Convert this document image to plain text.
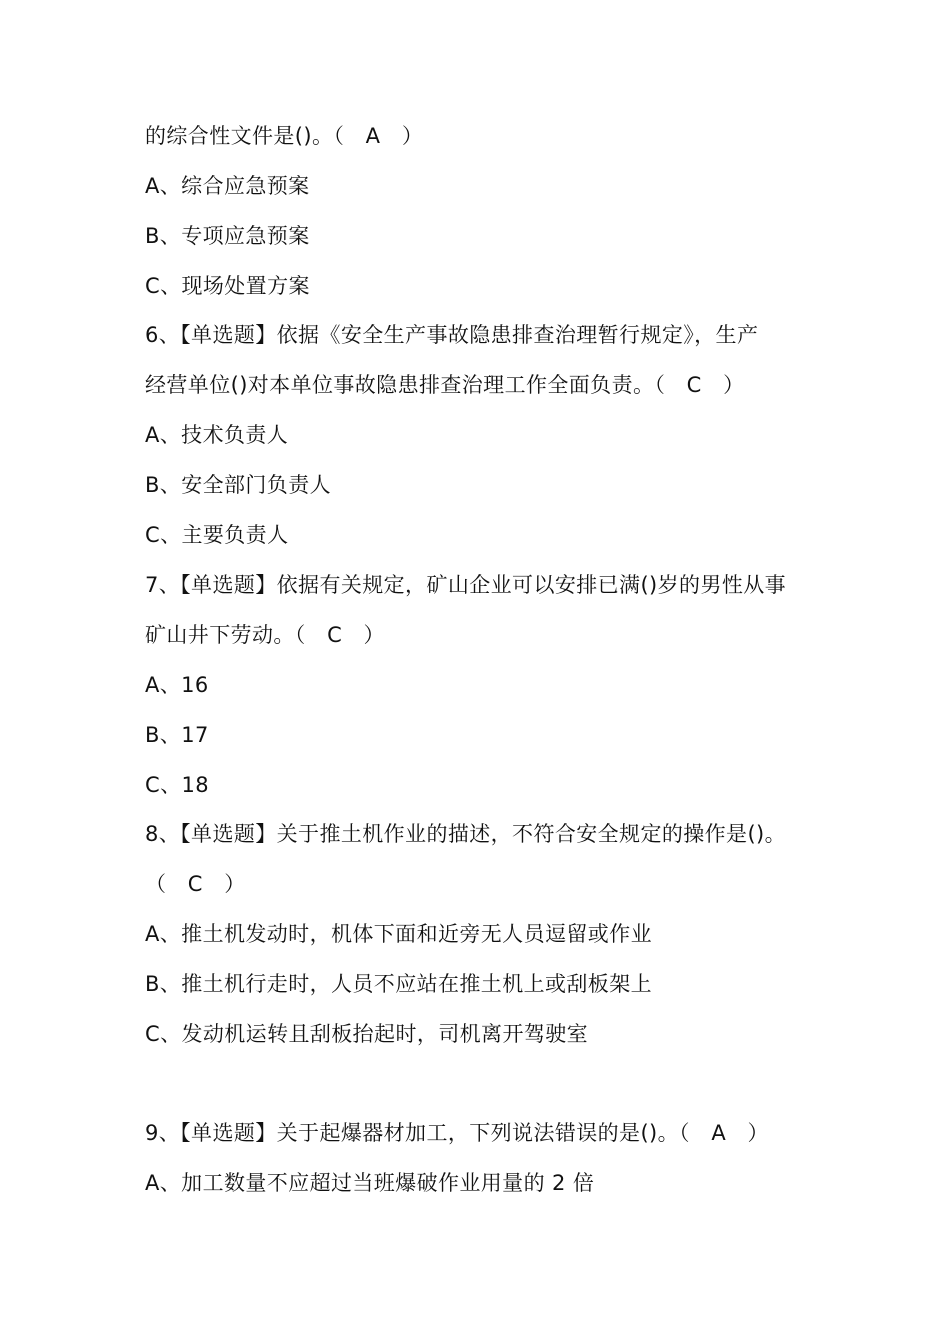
的综合性文件是()。（　A　）
A、综合应急预案
B、专项应急预案
C、现场处置方案
6、【单选题】依据《安全生产事故隐患排查治理暂行规定》，生产
经营单位()对本单位事故隐患排查治理工作全面负责。（　C　）
A、技术负责人
B、安全部门负责人
C、主要负责人
7、【单选题】依据有关规定，矿山企业可以安排已满()岁的男性从事
矿山井下劳动。（　C　）
A、16
B、17
C、18
8、【单选题】关于推土机作业的描述，不符合安全规定的操作是()。
（　C　）
A、推土机发动时，机体下面和近旁无人员逗留或作业
B、推土机行走时，人员不应站在推土机上或刮板架上
C、发动机运转且刮板抬起时，司机离开驾驶室
9、【单选题】关于起爆器材加工，下列说法错误的是()。（　A　）
A、加工数量不应超过当班爆破作业用量的 2 倍
